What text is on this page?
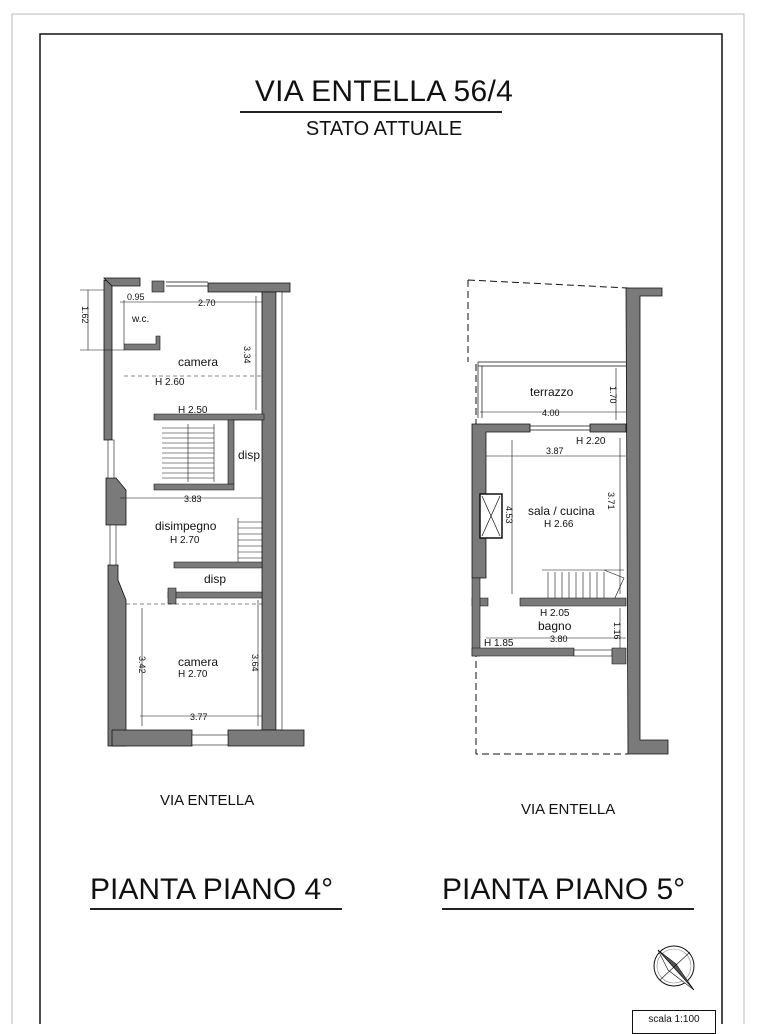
w.c.
camera
H 2.60
H 2.50
disp
disimpegno
H 2.70
disp
camera
H 2.70
0.95
2.70
1.62
3.34
3.83
3.42	3.64
3.77
terrazzo
H 2.20
sala / cucina
H 2.66
H 2.05
bagno
H 1.85
1.70
4.00
3.87
4.53
3.71
3.80	1.16
VIA ENTELLA 56/4
STATO ATTUALE
VIA ENTELLA
VIA ENTELLA
PIANTA PIANO 4°	PIANTA PIANO 5°
scala 1:100
